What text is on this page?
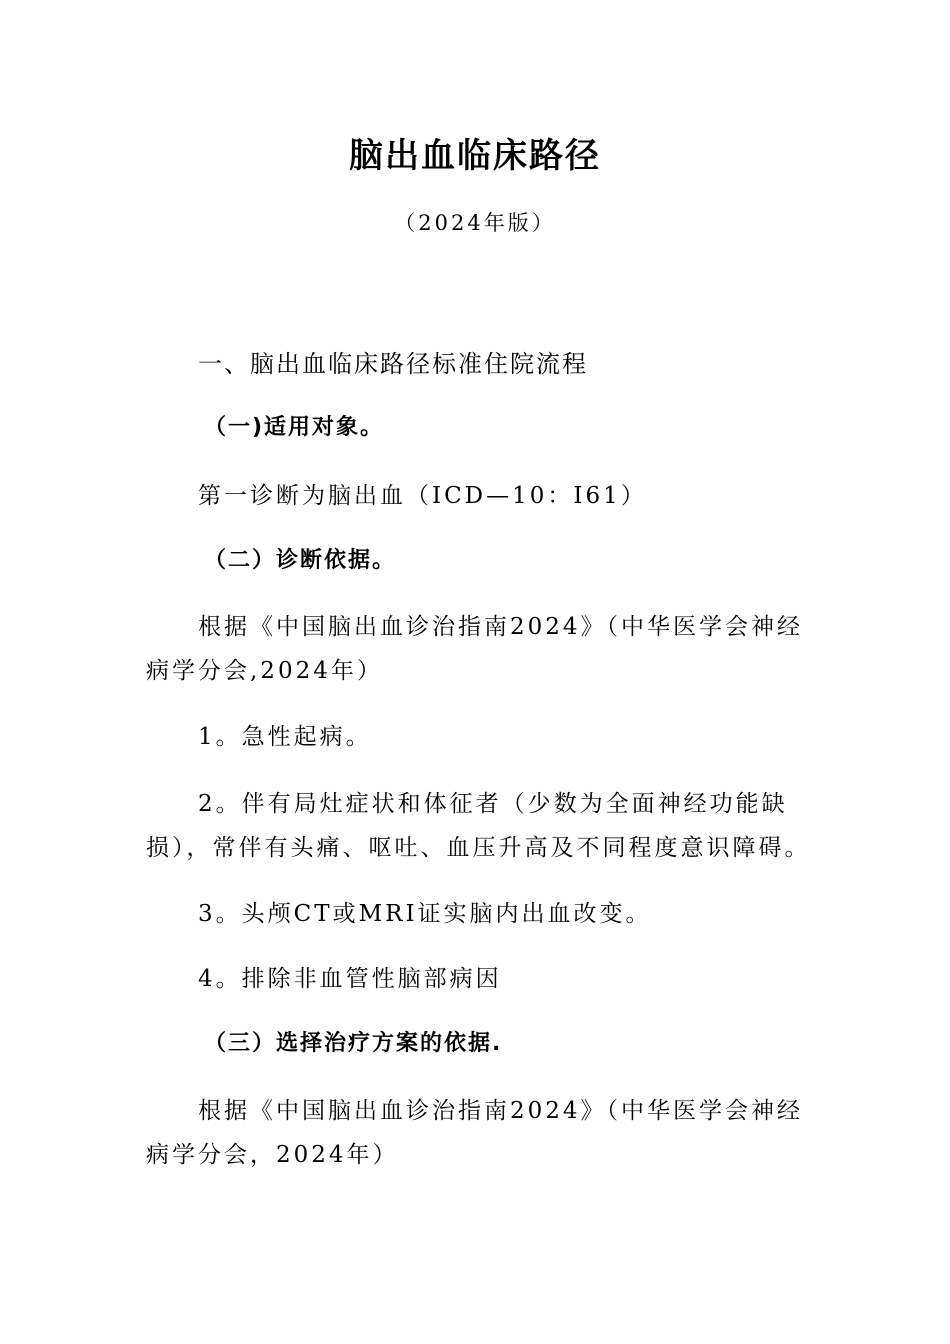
脑出血临床路径
（2024年版）
一、脑出血临床路径标准住院流程
（一)适用对象。
第一诊断为脑出血（ICD—10：I61）
（二）诊断依据。
根据《中国脑出血诊治指南2024》（中华医学会神经
病学分会,2024年）
1。急性起病。
2。伴有局灶症状和体征者（少数为全面神经功能缺
损），常伴有头痛、呕吐、血压升高及不同程度意识障碍。
3。头颅CT或MRI证实脑内出血改变。
4。排除非血管性脑部病因
（三）选择治疗方案的依据.
根据《中国脑出血诊治指南2024》（中华医学会神经
病学分会，2024年）
